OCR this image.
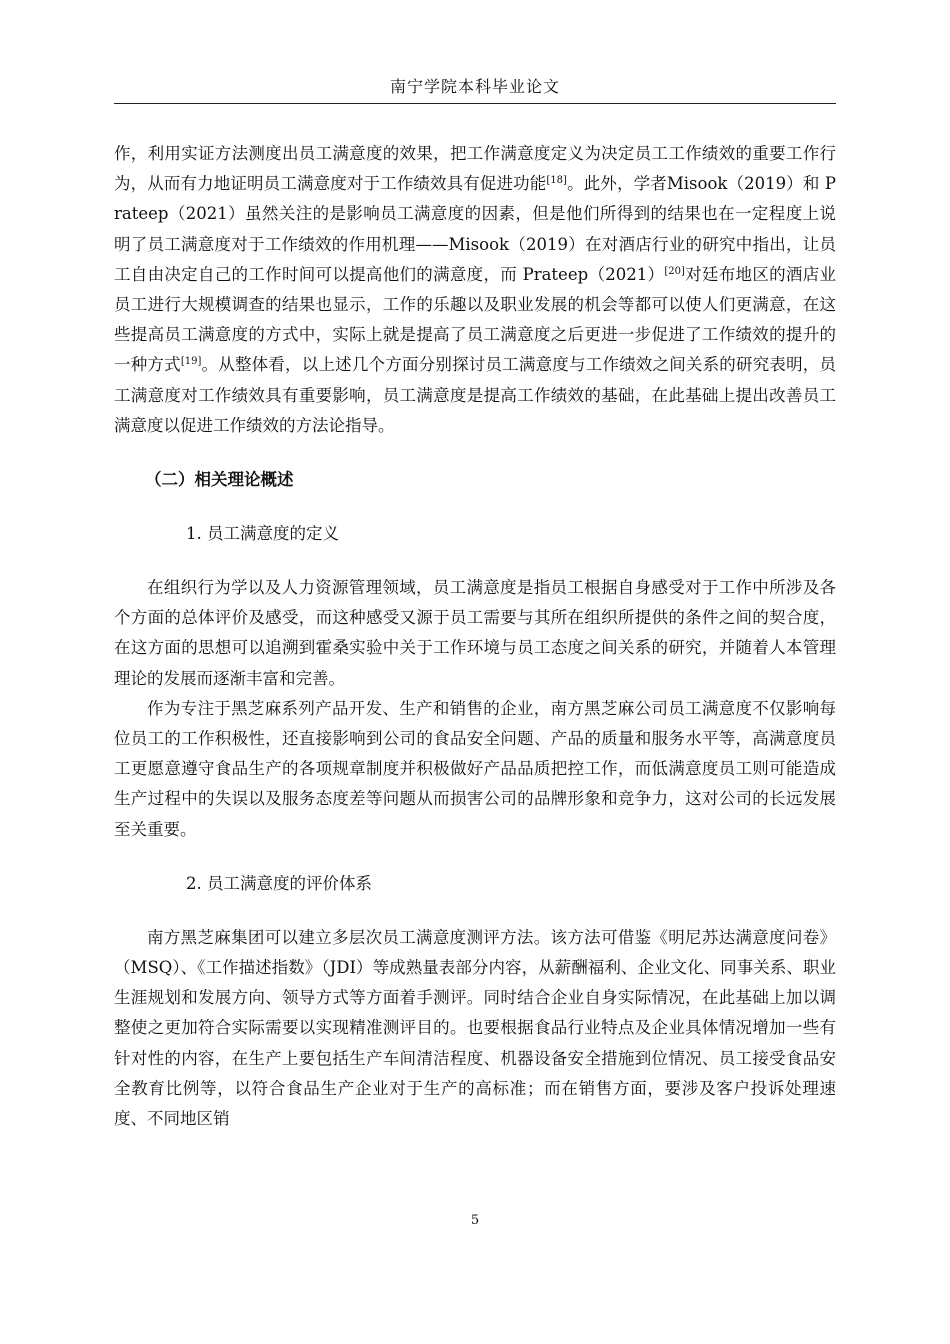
南宁学院本科毕业论文

作，利用实证方法测度出员工满意度的效果，把工作满意度定义为决定员工工作绩效的重要工作行为，从而有力地证明员工满意度对于工作绩效具有促进功能[18]。此外，学者Misook（2019）和 Prateep（2021）虽然关注的是影响员工满意度的因素，但是他们所得到的结果也在一定程度上说明了员工满意度对于工作绩效的作用机理——Misook（2019）在对酒店行业的研究中指出，让员工自由决定自己的工作时间可以提高他们的满意度，而 Prateep（2021）[20]对廷布地区的酒店业员工进行大规模调查的结果也显示，工作的乐趣以及职业发展的机会等都可以使人们更满意，在这些提高员工满意度的方式中，实际上就是提高了员工满意度之后更进一步促进了工作绩效的提升的一种方式[19]。从整体看，以上述几个方面分别探讨员工满意度与工作绩效之间关系的研究表明，员工满意度对工作绩效具有重要影响，员工满意度是提高工作绩效的基础，在此基础上提出改善员工满意度以促进工作绩效的方法论指导。

（二）相关理论概述

1. 员工满意度的定义

在组织行为学以及人力资源管理领域，员工满意度是指员工根据自身感受对于工作中所涉及各个方面的总体评价及感受，而这种感受又源于员工需要与其所在组织所提供的条件之间的契合度，在这方面的思想可以追溯到霍桑实验中关于工作环境与员工态度之间关系的研究，并随着人本管理理论的发展而逐渐丰富和完善。

作为专注于黑芝麻系列产品开发、生产和销售的企业，南方黑芝麻公司员工满意度不仅影响每位员工的工作积极性，还直接影响到公司的食品安全问题、产品的质量和服务水平等，高满意度员工更愿意遵守食品生产的各项规章制度并积极做好产品品质把控工作，而低满意度员工则可能造成生产过程中的失误以及服务态度差等问题从而损害公司的品牌形象和竞争力，这对公司的长远发展至关重要。

2. 员工满意度的评价体系

南方黑芝麻集团可以建立多层次员工满意度测评方法。该方法可借鉴《明尼苏达满意度问卷》（MSQ）、《工作描述指数》（JDI）等成熟量表部分内容，从薪酬福利、企业文化、同事关系、职业生涯规划和发展方向、领导方式等方面着手测评。同时结合企业自身实际情况，在此基础上加以调整使之更加符合实际需要以实现精准测评目的。也要根据食品行业特点及企业具体情况增加一些有针对性的内容，在生产上要包括生产车间清洁程度、机器设备安全措施到位情况、员工接受食品安全教育比例等，以符合食品生产企业对于生产的高标准；而在销售方面，要涉及客户投诉处理速度、不同地区销

5
